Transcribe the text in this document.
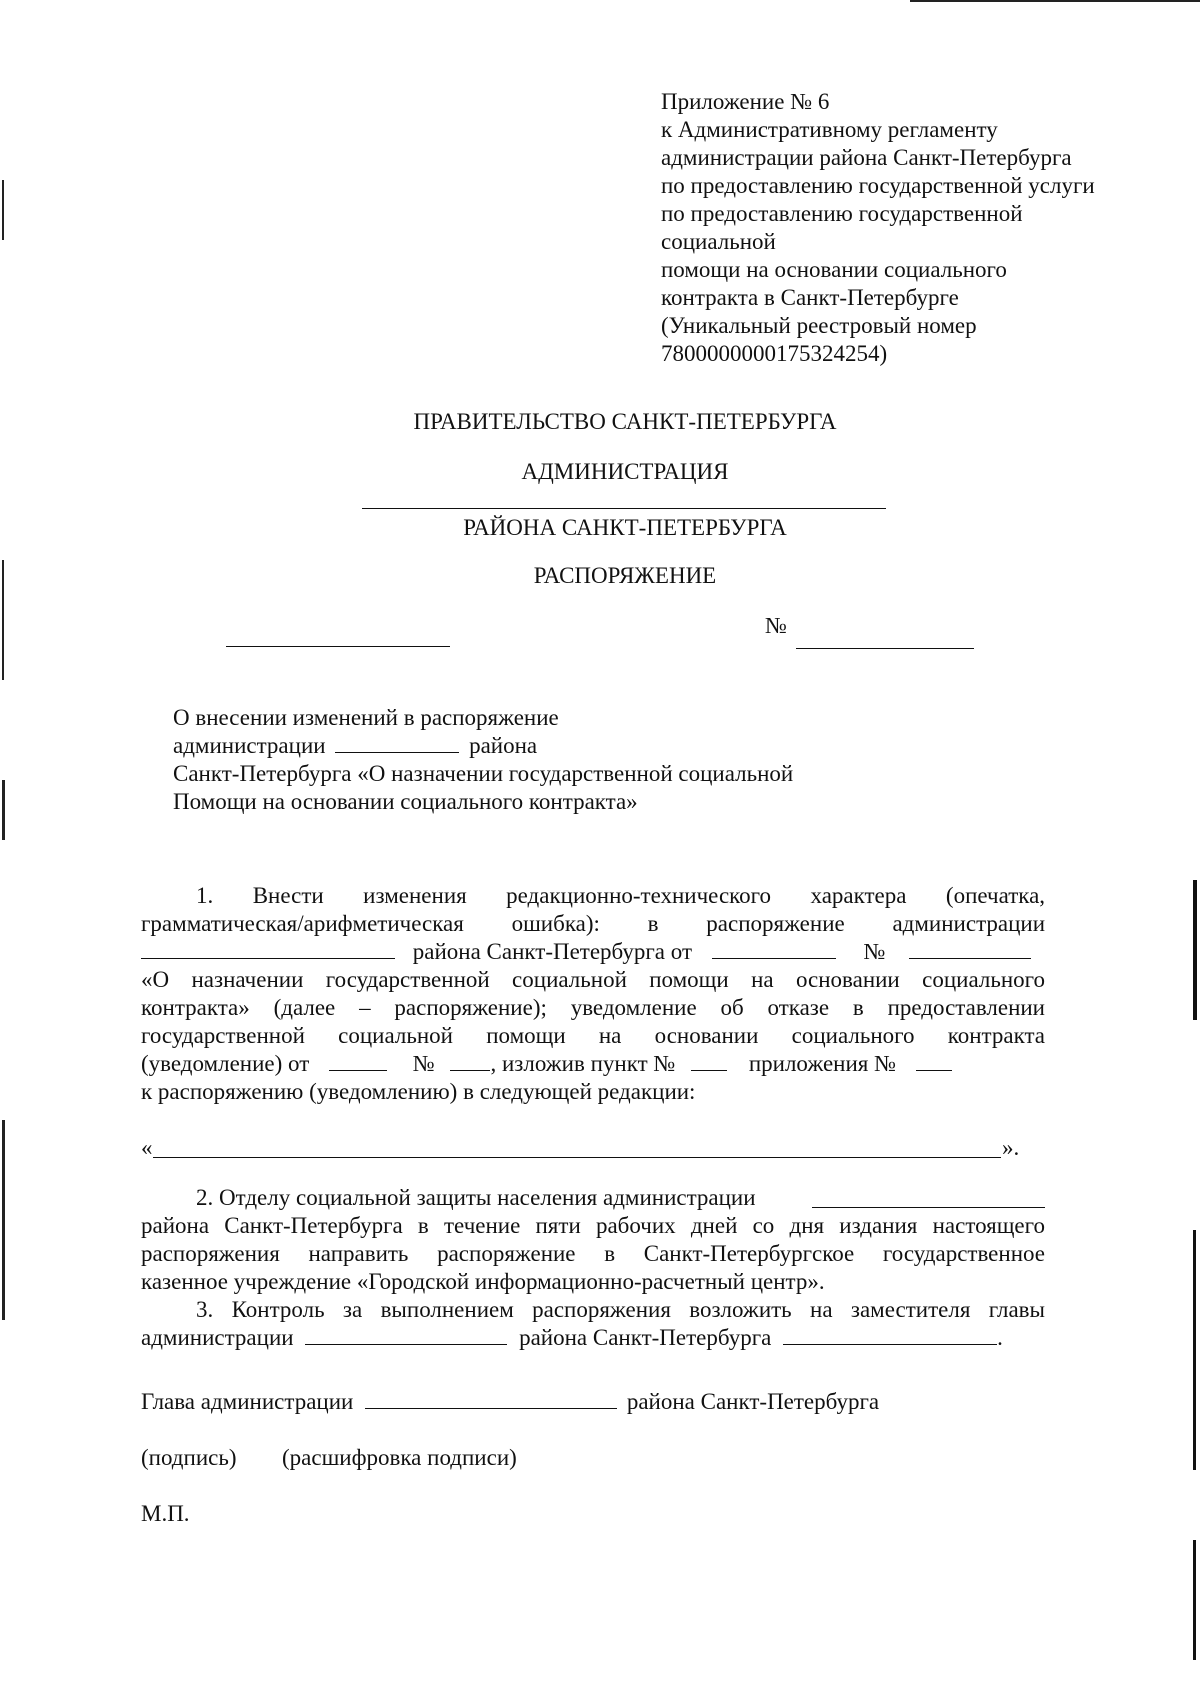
Приложение № 6
к Административному регламенту
администрации района Санкт-Петербурга
по предоставлению государственной услуги
по предоставлению государственной
социальной
помощи на основании социального
контракта в Санкт-Петербурге
(Уникальный реестровый номер
7800000000175324254)
ПРАВИТЕЛЬСТВО САНКТ-ПЕТЕРБУРГА
АДМИНИСТРАЦИЯ
РАЙОНА САНКТ-ПЕТЕРБУРГА
РАСПОРЯЖЕНИЕ
№
О внесении изменений в распоряжение
администрации	района
Санкт-Петербурга «О назначении государственной социальной
Помощи на основании социального контракта»
1. Внести изменения редакционно-технического характера (опечатка,
грамматическая/арифметическая ошибка): в распоряжение администрации
района Санкт-Петербурга от	№
«О назначении государственной социальной помощи на основании социального
контракта» (далее – распоряжение); уведомление об отказе в предоставлении
государственной социальной помощи на основании социального контракта
(уведомление) от	№ , изложив пункт №	приложения №
к распоряжению (уведомлению) в следующей редакции:
«	».
2. Отделу социальной защиты населения администрации
района Санкт-Петербурга в течение пяти рабочих дней со дня издания настоящего
распоряжения направить распоряжение в Санкт-Петербургское государственное
казенное учреждение «Городской информационно-расчетный центр».
3. Контроль за выполнением распоряжения возложить на заместителя главы
администрации	района Санкт-Петербурга	.
Глава администрации	района Санкт-Петербурга
(подпись) (расшифровка подписи)
М.П.
